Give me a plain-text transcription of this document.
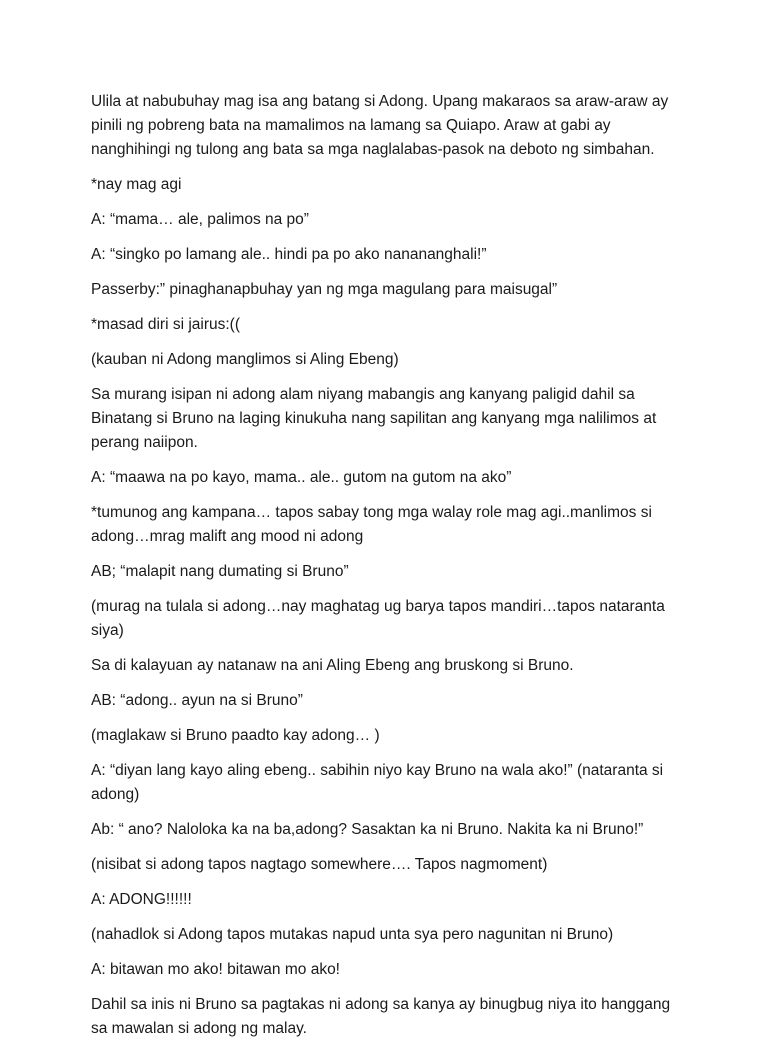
Ulila at nabubuhay mag isa ang batang si Adong. Upang makaraos sa araw-araw ay pinili ng pobreng bata na mamalimos na lamang sa Quiapo. Araw at gabi ay nanghihingi ng tulong ang bata sa mga naglalabas-pasok na deboto ng simbahan.

*nay mag agi

A: “mama… ale, palimos na po”

A: “singko po lamang ale.. hindi pa po ako nanananghali!”

Passerby:” pinaghanapbuhay yan ng mga magulang para maisugal”

*masad diri si jairus:((

(kauban ni Adong manglimos si Aling Ebeng)

Sa murang isipan ni adong alam niyang mabangis ang kanyang paligid dahil sa Binatang si Bruno na laging kinukuha nang sapilitan ang kanyang mga nalilimos at perang naiipon.

A: “maawa na po kayo, mama.. ale.. gutom na gutom na ako”

*tumunog ang kampana… tapos sabay tong mga walay role mag agi..manlimos si adong…mrag malift ang mood ni adong

AB; “malapit nang dumating si Bruno”

(murag na tulala si adong…nay maghatag ug barya tapos mandiri…tapos nataranta siya)

Sa di kalayuan ay natanaw na ani Aling Ebeng ang bruskong si Bruno.

AB: “adong.. ayun na si Bruno”

(maglakaw si Bruno paadto kay adong… )

A: “diyan lang kayo aling ebeng.. sabihin niyo kay Bruno na wala ako!” (nataranta si adong)

Ab: “ ano? Naloloka ka na ba,adong? Sasaktan ka ni Bruno. Nakita ka ni Bruno!”

(nisibat si adong tapos nagtago somewhere…. Tapos nagmoment)

A: ADONG!!!!!!

(nahadlok si Adong tapos mutakas napud unta sya pero nagunitan ni Bruno)

A: bitawan mo ako! bitawan mo ako!

Dahil sa inis ni Bruno sa pagtakas ni adong sa kanya ay binugbug niya ito hanggang sa mawalan si adong ng malay.
